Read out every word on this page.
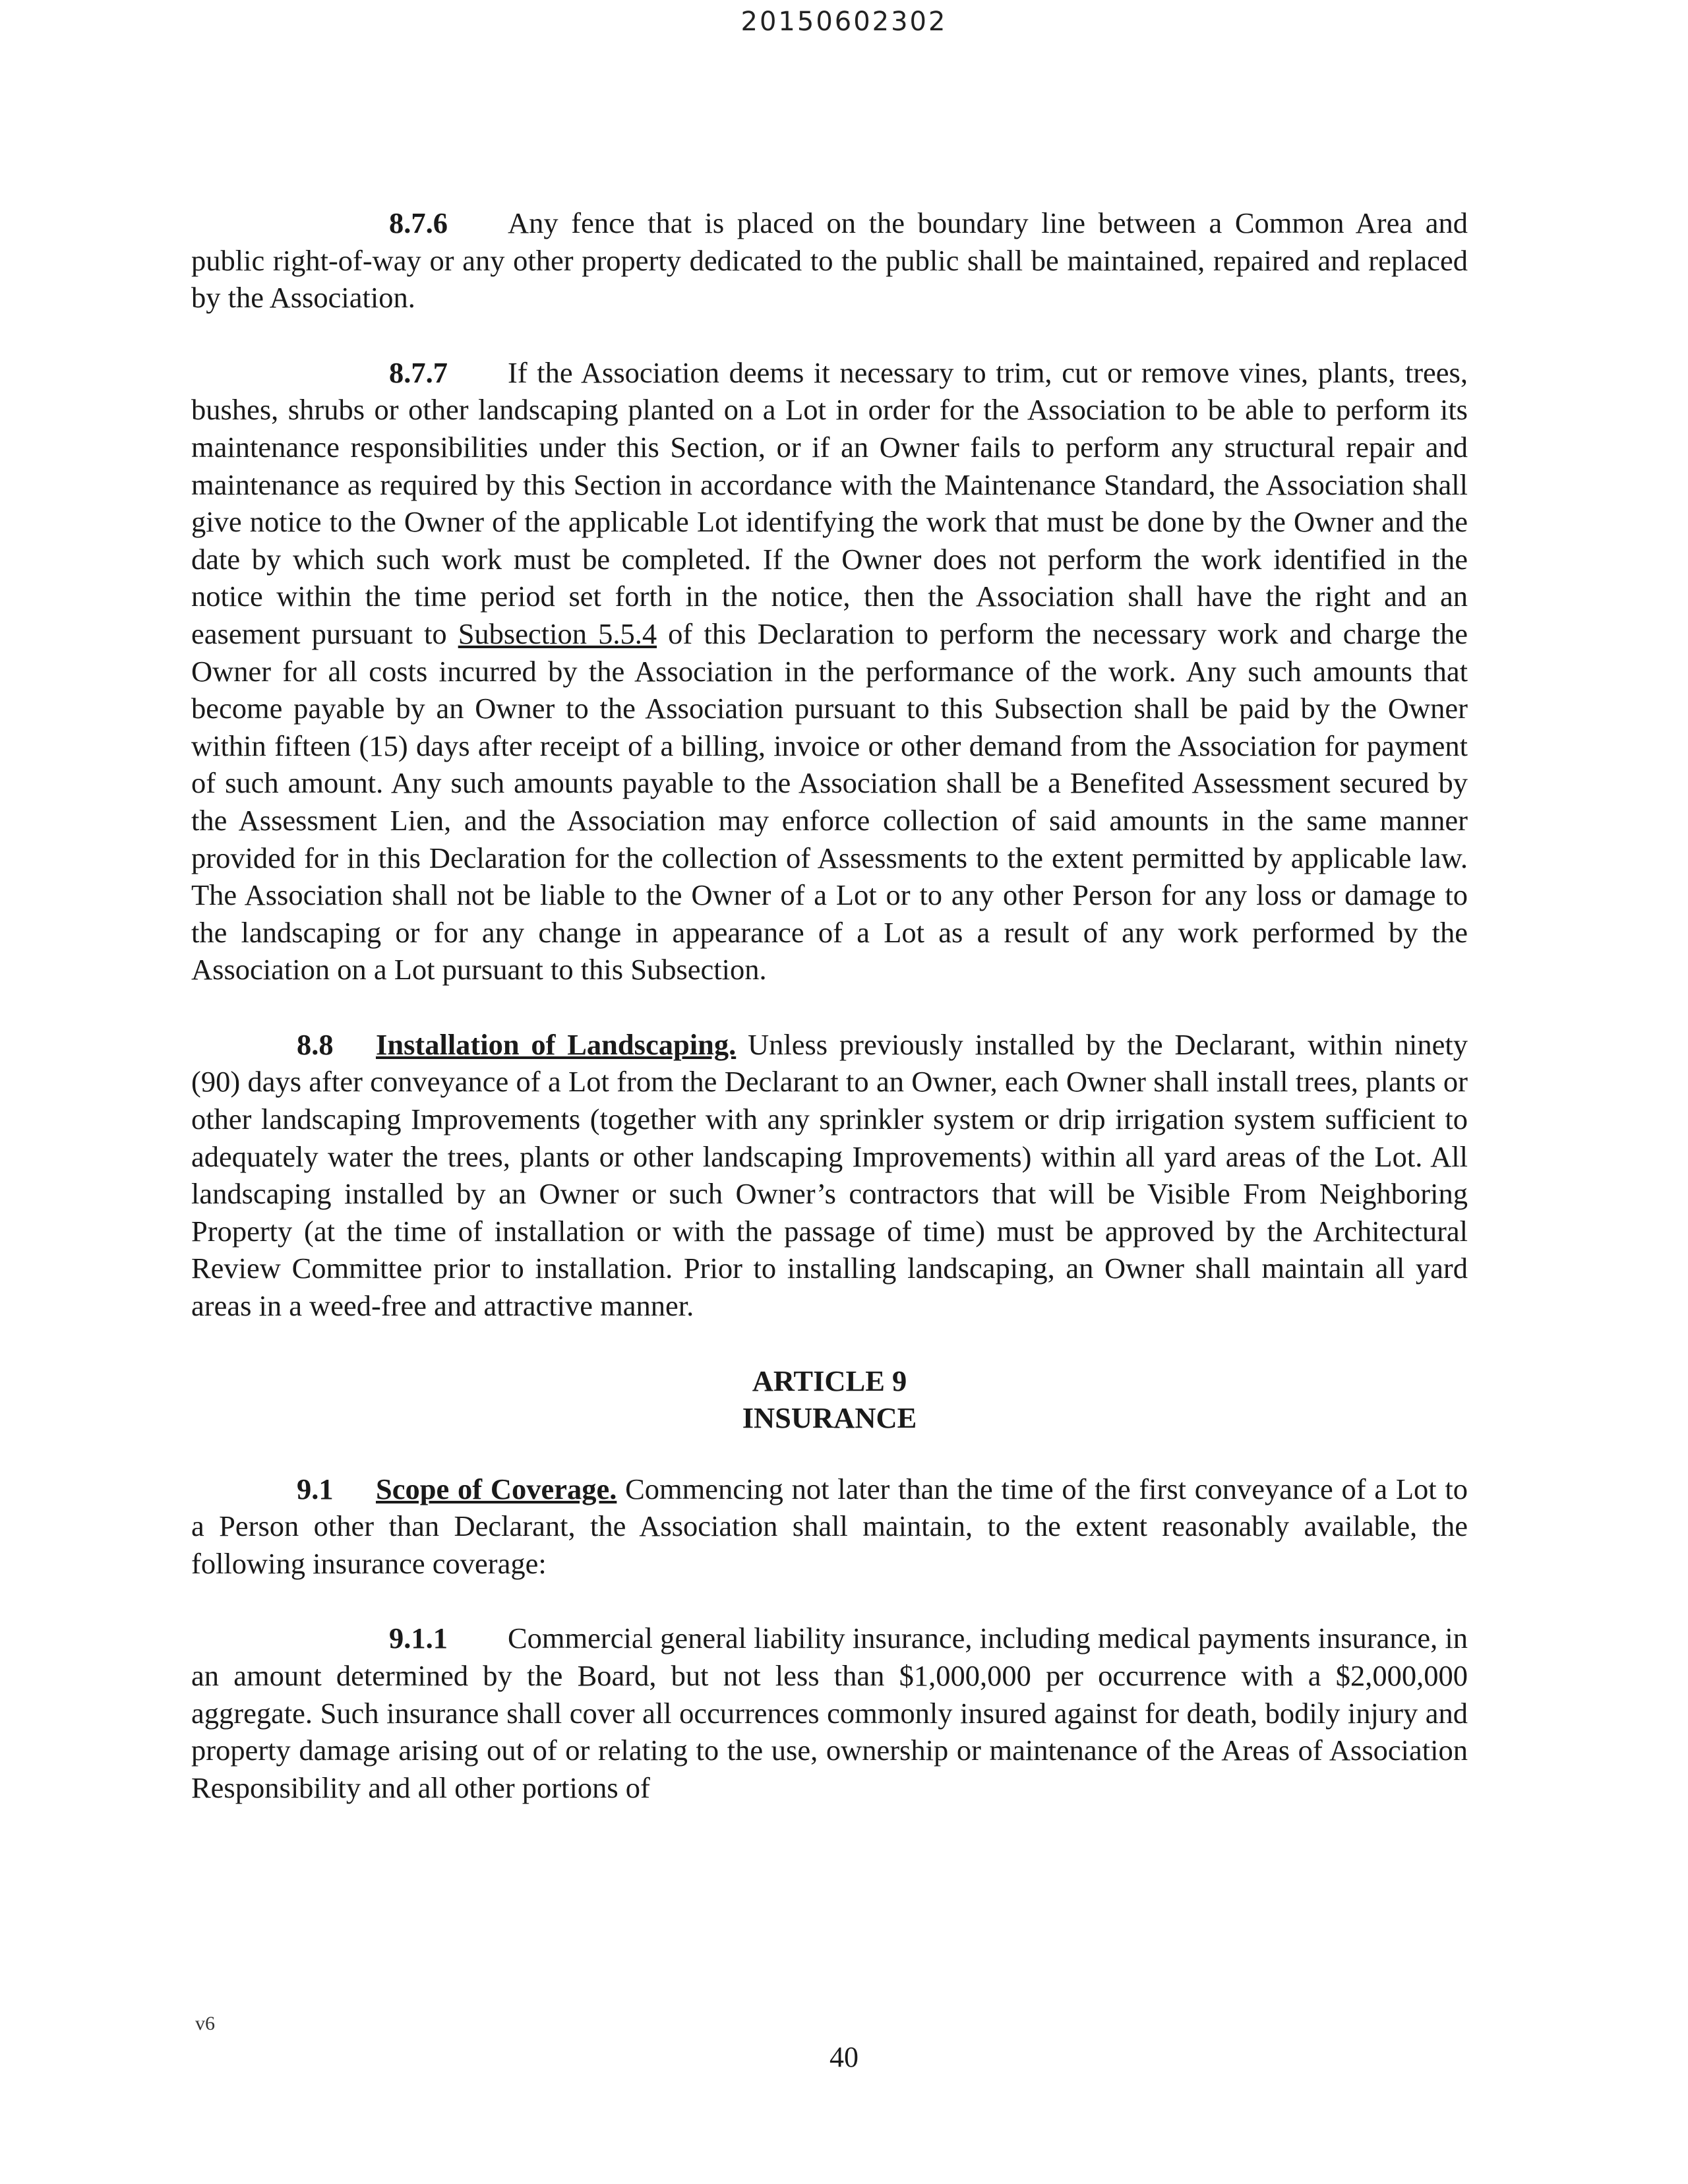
20150602302

8.7.6 Any fence that is placed on the boundary line between a Common Area and public right-of-way or any other property dedicated to the public shall be maintained, repaired and replaced by the Association.

8.7.7 If the Association deems it necessary to trim, cut or remove vines, plants, trees, bushes, shrubs or other landscaping planted on a Lot in order for the Association to be able to perform its maintenance responsibilities under this Section, or if an Owner fails to perform any structural repair and maintenance as required by this Section in accordance with the Maintenance Standard, the Association shall give notice to the Owner of the applicable Lot identifying the work that must be done by the Owner and the date by which such work must be completed. If the Owner does not perform the work identified in the notice within the time period set forth in the notice, then the Association shall have the right and an easement pursuant to Subsection 5.5.4 of this Declaration to perform the necessary work and charge the Owner for all costs incurred by the Association in the performance of the work. Any such amounts that become payable by an Owner to the Association pursuant to this Subsection shall be paid by the Owner within fifteen (15) days after receipt of a billing, invoice or other demand from the Association for payment of such amount. Any such amounts payable to the Association shall be a Benefited Assessment secured by the Assessment Lien, and the Association may enforce collection of said amounts in the same manner provided for in this Declaration for the collection of Assessments to the extent permitted by applicable law. The Association shall not be liable to the Owner of a Lot or to any other Person for any loss or damage to the landscaping or for any change in appearance of a Lot as a result of any work performed by the Association on a Lot pursuant to this Subsection.

8.8 Installation of Landscaping. Unless previously installed by the Declarant, within ninety (90) days after conveyance of a Lot from the Declarant to an Owner, each Owner shall install trees, plants or other landscaping Improvements (together with any sprinkler system or drip irrigation system sufficient to adequately water the trees, plants or other landscaping Improvements) within all yard areas of the Lot. All landscaping installed by an Owner or such Owner’s contractors that will be Visible From Neighboring Property (at the time of installation or with the passage of time) must be approved by the Architectural Review Committee prior to installation. Prior to installing landscaping, an Owner shall maintain all yard areas in a weed-free and attractive manner.

ARTICLE 9
INSURANCE

9.1 Scope of Coverage. Commencing not later than the time of the first conveyance of a Lot to a Person other than Declarant, the Association shall maintain, to the extent reasonably available, the following insurance coverage:

9.1.1 Commercial general liability insurance, including medical payments insurance, in an amount determined by the Board, but not less than $1,000,000 per occurrence with a $2,000,000 aggregate. Such insurance shall cover all occurrences commonly insured against for death, bodily injury and property damage arising out of or relating to the use, ownership or maintenance of the Areas of Association Responsibility and all other portions of

v6
40
